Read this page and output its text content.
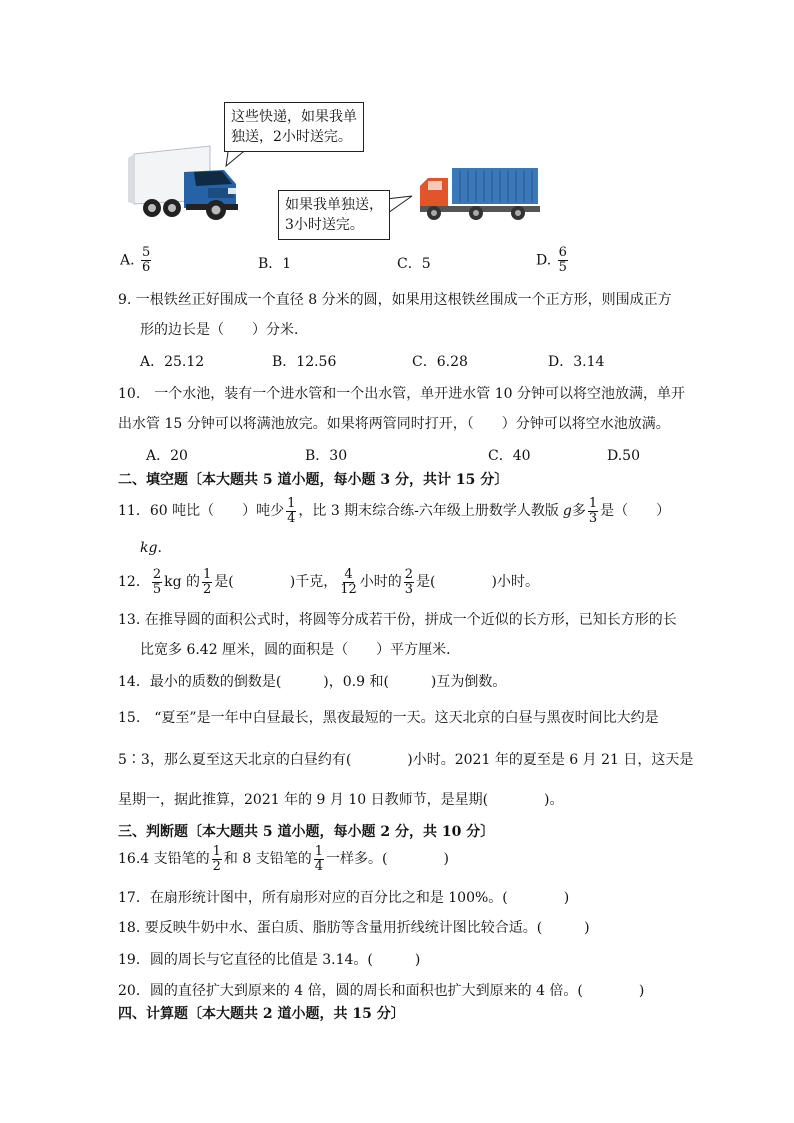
这些快递，如果我单
独送，2小时送完。
如果我单独送，
3小时送完。
A. $\frac{5}{6}$	B．1	C．5	D. $\frac{6}{5}$
9. 一根铁丝正好围成一个直径 8 分米的圆，如果用这根铁丝围成一个正方形，则围成正方
形的边长是（　　）分米．
A．25.12	B．12.56	C．6.28	D．3.14
10.　一个水池，装有一个进水管和一个出水管，单开进水管 10 分钟可以将空池放满，单开
出水管 15 分钟可以将满池放完。如果将两管同时打开，（　　）分钟可以将空水池放满。
A．20	B．30	C．40	D.50
二、填空题〔本大题共 5 道小题，每小题 3 分，共计 15 分〕
11．60 吨比（　　）吨少 $\frac{1}{4}$ ，比 3 期末综合练-六年级上册数学人教版 g多 $\frac{1}{3}$ 是（　　）
kg.
12． $\frac{2}{5}$ kg 的 $\frac{1}{2}$ 是(　　　　)千克， $\frac{4}{12}$ 小时的 $\frac{2}{3}$ 是(　　　　)小时。
13. 在推导圆的面积公式时，将圆等分成若干份，拼成一个近似的长方形，已知长方形的长
比宽多 6.42 厘米，圆的面积是（　　）平方厘米．
14．最小的质数的倒数是(　　　)，0.9 和(　　　)互为倒数。
15.　“夏至”是一年中白昼最长，黑夜最短的一天。这天北京的白昼与黑夜时间比大约是
5∶3，那么夏至这天北京的白昼约有(　　　　)小时。2021 年的夏至是 6 月 21 日，这天是
星期一，据此推算，2021 年的 9 月 10 日教师节，是星期(　　　　)。
三、判断题〔本大题共 5 道小题，每小题 2 分，共 10 分〕
16.4 支铅笔的 $\frac{1}{2}$ 和 8 支铅笔的 $\frac{1}{4}$ 一样多。(　　　　)
17．在扇形统计图中，所有扇形对应的百分比之和是 100%。(　　　　)
18. 要反映牛奶中水、蛋白质、脂肪等含量用折线统计图比较合适。(　　　)
19．圆的周长与它直径的比值是 3.14。(　　　)
20．圆的直径扩大到原来的 4 倍，圆的周长和面积也扩大到原来的 4 倍。(　　　　)
四、计算题〔本大题共 2 道小题，共 15 分〕
